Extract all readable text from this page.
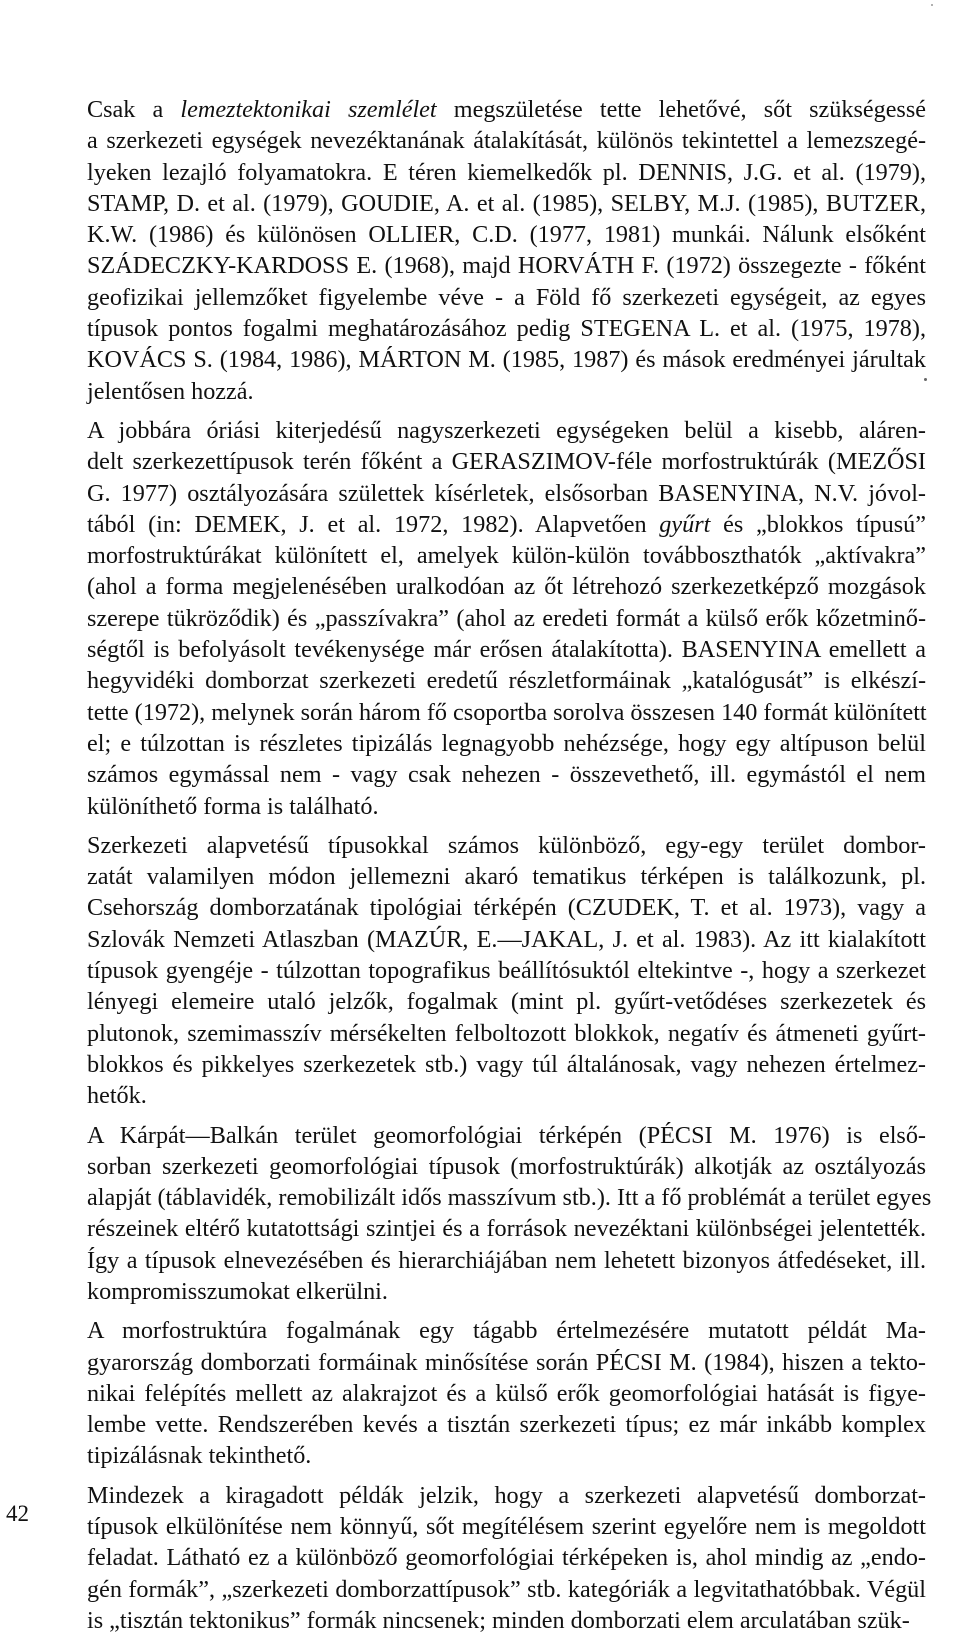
Csak a lemeztektonikai szemlélet megszületése tette lehetővé, sőt szükségessé
a szerkezeti egységek nevezéktanának átalakítását, különös tekintettel a lemezszegé-
lyeken lezajló folyamatokra. E téren kiemelkedők pl. DENNIS, J.G. et al. (1979),
STAMP, D. et al. (1979), GOUDIE, A. et al. (1985), SELBY, M.J. (1985), BUTZER,
K.W. (1986) és különösen OLLIER, C.D. (1977, 1981) munkái. Nálunk elsőként
SZÁDECZKY-KARDOSS E. (1968), majd HORVÁTH F. (1972) összegezte - főként
geofizikai jellemzőket figyelembe véve - a Föld fő szerkezeti egységeit, az egyes
típusok pontos fogalmi meghatározásához pedig STEGENA L. et al. (1975, 1978),
KOVÁCS S. (1984, 1986), MÁRTON M. (1985, 1987) és mások eredményei járultak
jelentősen hozzá.

A jobbára óriási kiterjedésű nagyszerkezeti egységeken belül a kisebb, aláren-
delt szerkezettípusok terén főként a GERASZIMOV-féle morfostruktúrák (MEZŐSI
G. 1977) osztályozására születtek kísérletek, elsősorban BASENYINA, N.V. jóvol-
tából (in: DEMEK, J. et al. 1972, 1982). Alapvetően gyűrt és „blokkos típusú”
morfostruktúrákat különített el, amelyek külön-külön továbboszthatók „aktívakra”
(ahol a forma megjelenésében uralkodóan az őt létrehozó szerkezetképző mozgások
szerepe tükröződik) és „passzívakra” (ahol az eredeti formát a külső erők kőzetminő-
ségtől is befolyásolt tevékenysége már erősen átalakította). BASENYINA emellett a
hegyvidéki domborzat szerkezeti eredetű részletformáinak „katalógusát” is elkészí-
tette (1972), melynek során három fő csoportba sorolva összesen 140 formát különített
el; e túlzottan is részletes tipizálás legnagyobb nehézsége, hogy egy altípuson belül
számos egymással nem - vagy csak nehezen - összevethető, ill. egymástól el nem
különíthető forma is található.

Szerkezeti alapvetésű típusokkal számos különböző, egy-egy terület dombor-
zatát valamilyen módon jellemezni akaró tematikus térképen is találkozunk, pl.
Csehország domborzatának tipológiai térképén (CZUDEK, T. et al. 1973), vagy a
Szlovák Nemzeti Atlaszban (MAZÚR, E.—JAKAL, J. et al. 1983). Az itt kialakított
típusok gyengéje - túlzottan topografikus beállítósuktól eltekintve -, hogy a szerkezet
lényegi elemeire utaló jelzők, fogalmak (mint pl. gyűrt-vetődéses szerkezetek és
plutonok, szemimasszív mérsékelten felboltozott blokkok, negatív és átmeneti gyűrt-
blokkos és pikkelyes szerkezetek stb.) vagy túl általánosak, vagy nehezen értelmez-
hetők.

A Kárpát—Balkán terület geomorfológiai térképén (PÉCSI M. 1976) is első-
sorban szerkezeti geomorfológiai típusok (morfostruktúrák) alkotják az osztályozás
alapját (táblavidék, remobilizált idős masszívum stb.). Itt a fő problémát a terület egyes
részeinek eltérő kutatottsági szintjei és a források nevezéktani különbségei jelentették.
Így a típusok elnevezésében és hierarchiájában nem lehetett bizonyos átfedéseket, ill.
kompromisszumokat elkerülni.

A morfostruktúra fogalmának egy tágabb értelmezésére mutatott példát Ma-
gyarország domborzati formáinak minősítése során PÉCSI M. (1984), hiszen a tekto-
nikai felépítés mellett az alakrajzot és a külső erők geomorfológiai hatását is figye-
lembe vette. Rendszerében kevés a tisztán szerkezeti típus; ez már inkább komplex
tipizálásnak tekinthető.

Mindezek a kiragadott példák jelzik, hogy a szerkezeti alapvetésű domborzat-
típusok elkülönítése nem könnyű, sőt megítélésem szerint egyelőre nem is megoldott
feladat. Látható ez a különböző geomorfológiai térképeken is, ahol mindig az „endo-
gén formák”, „szerkezeti domborzattípusok” stb. kategóriák a legvitathatóbbak. Végül
is „tisztán tektonikus” formák nincsenek; minden domborzati elem arculatában szük-

42
